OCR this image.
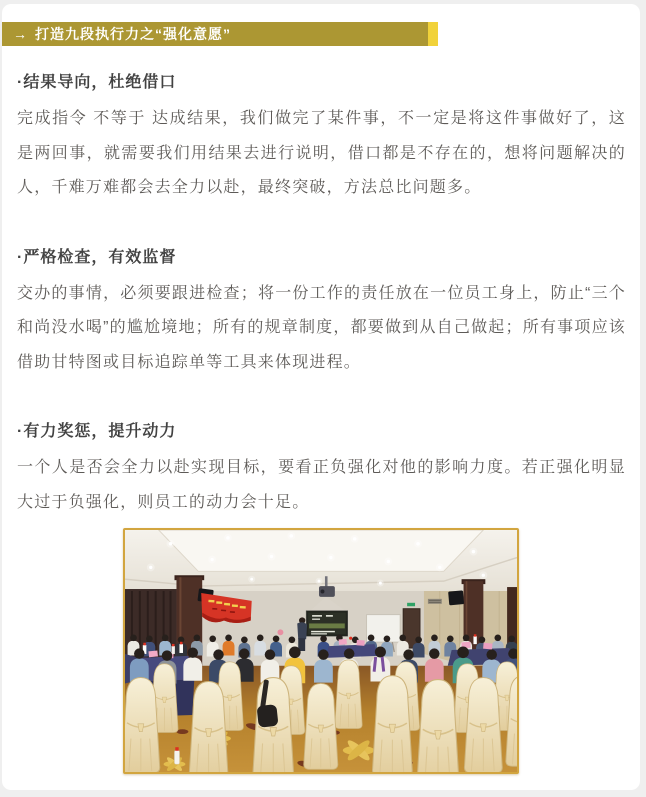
→ 打造九段执行力之“强化意愿”
·结果导向，杜绝借口

完成指令 不等于 达成结果，我们做完了某件事，不一定是将这件事做好了，这是两回事，就需要我们用结果去进行说明，借口都是不存在的，想将问题解决的人，千难万难都会去全力以赴，最终突破，方法总比问题多。

·严格检查，有效监督

交办的事情，必须要跟进检查；将一份工作的责任放在一位员工身上，防止“三个和尚没水喝”的尴尬境地；所有的规章制度，都要做到从自己做起；所有事项应该借助甘特图或目标追踪单等工具来体现进程。

·有力奖惩，提升动力

一个人是否会全力以赴实现目标，要看正负强化对他的影响力度。若正强化明显大过于负强化，则员工的动力会十足。
